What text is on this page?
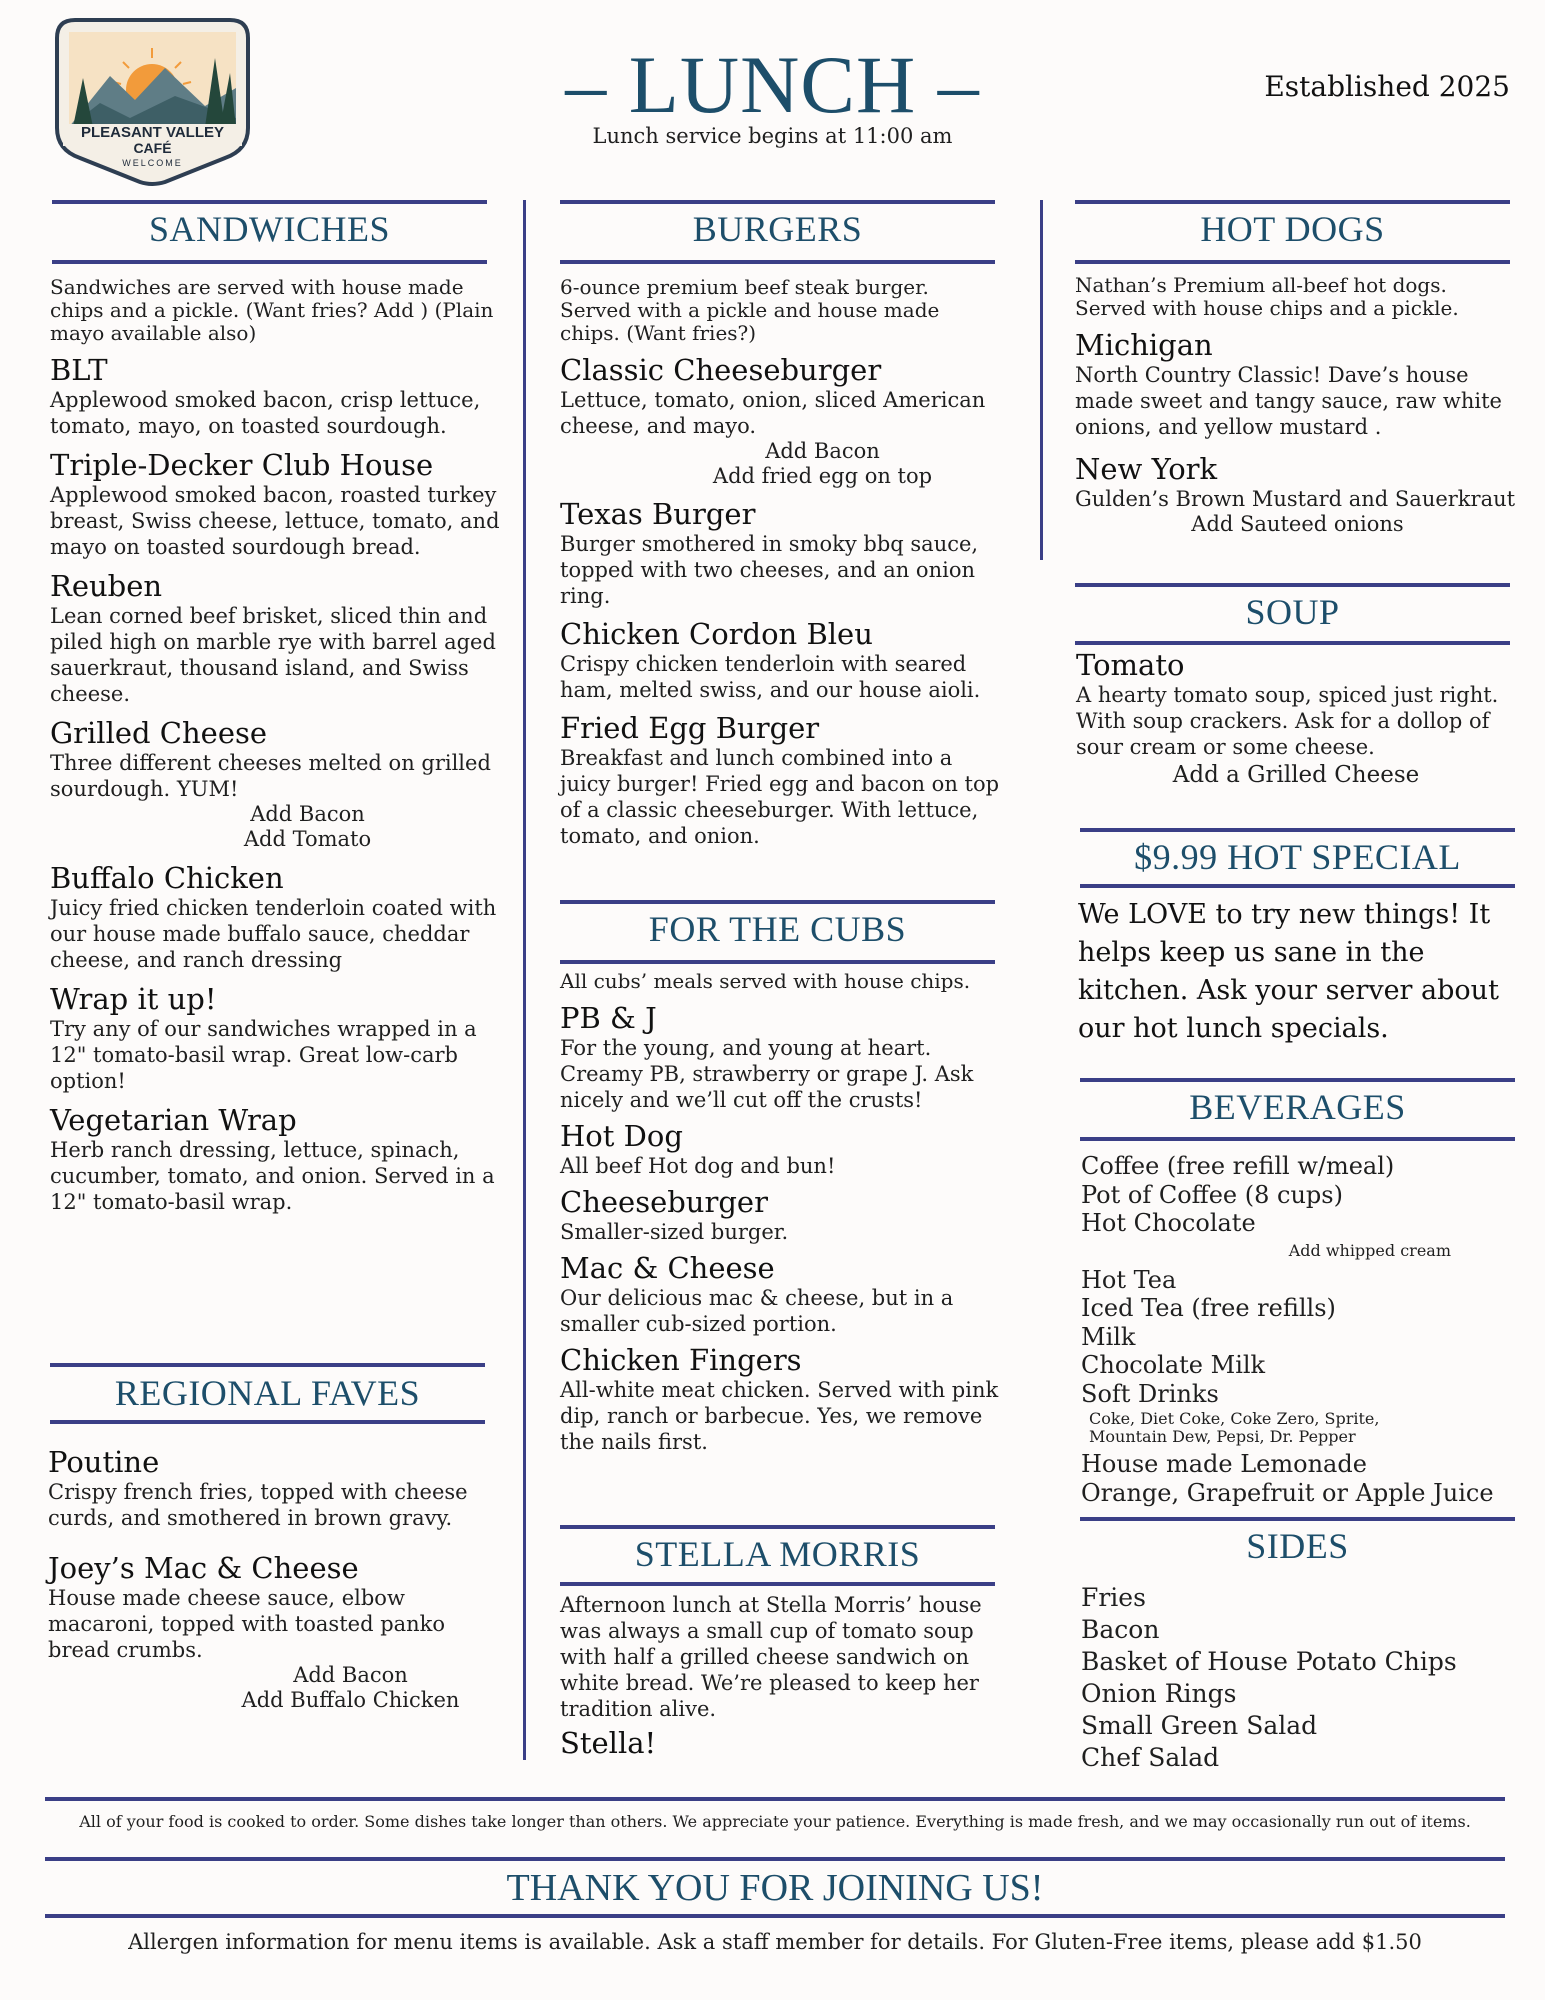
PLEASANT VALLEY
CAFÉ
WELCOME
– LUNCH –
Lunch service begins at 11:00 am
Established 2025
SANDWICHES

Sandwiches are served with house made chips and a pickle. (Want fries? Add ) (Plain mayo available also)

BLT
Applewood smoked bacon, crisp lettuce, tomato, mayo, on toasted sourdough.
Triple-Decker Club House
Applewood smoked bacon, roasted turkey breast, Swiss cheese, lettuce, tomato, and mayo on toasted sourdough bread.
Reuben
Lean corned beef brisket, sliced thin and piled high on marble rye with barrel aged sauerkraut, thousand island, and Swiss cheese.
Grilled Cheese
Three different cheeses melted on grilled sourdough. YUM!
Add Bacon
Add Tomato
Buffalo Chicken
Juicy fried chicken tenderloin coated with our house made buffalo sauce, cheddar cheese, and ranch dressing
Wrap it up!
Try any of our sandwiches wrapped in a 12" tomato-basil wrap. Great low-carb option!
Vegetarian Wrap
Herb ranch dressing, lettuce, spinach, cucumber, tomato, and onion. Served in a 12" tomato-basil wrap.
REGIONAL FAVES
Poutine
Crispy french fries, topped with cheese curds, and smothered in brown gravy.
Joey’s Mac & Cheese
House made cheese sauce, elbow macaroni, topped with toasted panko bread crumbs.
Add Bacon
Add Buffalo Chicken
BURGERS

6-ounce premium beef steak burger. Served with a pickle and house made chips. (Want fries?)

Classic Cheeseburger
Lettuce, tomato, onion, sliced American cheese, and mayo.
Add Bacon
Add fried egg on top
Texas Burger
Burger smothered in smoky bbq sauce, topped with two cheeses, and an onion ring.
Chicken Cordon Bleu
Crispy chicken tenderloin with seared ham, melted swiss, and our house aioli.
Fried Egg Burger
Breakfast and lunch combined into a juicy burger! Fried egg and bacon on top of a classic cheeseburger. With lettuce, tomato, and onion.
FOR THE CUBS

All cubs’ meals served with house chips.

PB & J
For the young, and young at heart. Creamy PB, strawberry or grape J. Ask nicely and we’ll cut off the crusts!
Hot Dog
All beef Hot dog and bun!
Cheeseburger
Smaller-sized burger.
Mac & Cheese
Our delicious mac & cheese, but in a smaller cub-sized portion.
Chicken Fingers
All-white meat chicken. Served with pink dip, ranch or barbecue. Yes, we remove the nails first.
STELLA MORRIS
Afternoon lunch at Stella Morris’ house was always a small cup of tomato soup with half a grilled cheese sandwich on white bread. We’re pleased to keep her tradition alive.
Stella!
HOT DOGS

Nathan’s Premium all-beef hot dogs. Served with house chips and a pickle.

Michigan
North Country Classic! Dave’s house made sweet and tangy sauce, raw white onions, and yellow mustard .
New York
Gulden’s Brown Mustard and Sauerkraut
Add Sauteed onions
SOUP
Tomato
A hearty tomato soup, spiced just right. With soup crackers. Ask for a dollop of sour cream or some cheese.
Add a Grilled Cheese
$9.99 HOT SPECIAL
We LOVE to try new things! It helps keep us sane in the kitchen. Ask your server about our hot lunch specials.
BEVERAGES
Coffee (free refill w/meal)
Pot of Coffee (8 cups)
Hot Chocolate
Add whipped cream
Hot Tea
Iced Tea (free refills)
Milk
Chocolate Milk
Soft Drinks
Coke, Diet Coke, Coke Zero, Sprite, Mountain Dew, Pepsi, Dr. Pepper
House made Lemonade
Orange, Grapefruit or Apple Juice
SIDES
Fries
Bacon
Basket of House Potato Chips
Onion Rings
Small Green Salad
Chef Salad
All of your food is cooked to order. Some dishes take longer than others. We appreciate your patience. Everything is made fresh, and we may occasionally run out of items.
THANK YOU FOR JOINING US!
Allergen information for menu items is available. Ask a staff member for details. For Gluten-Free items, please add $1.50
